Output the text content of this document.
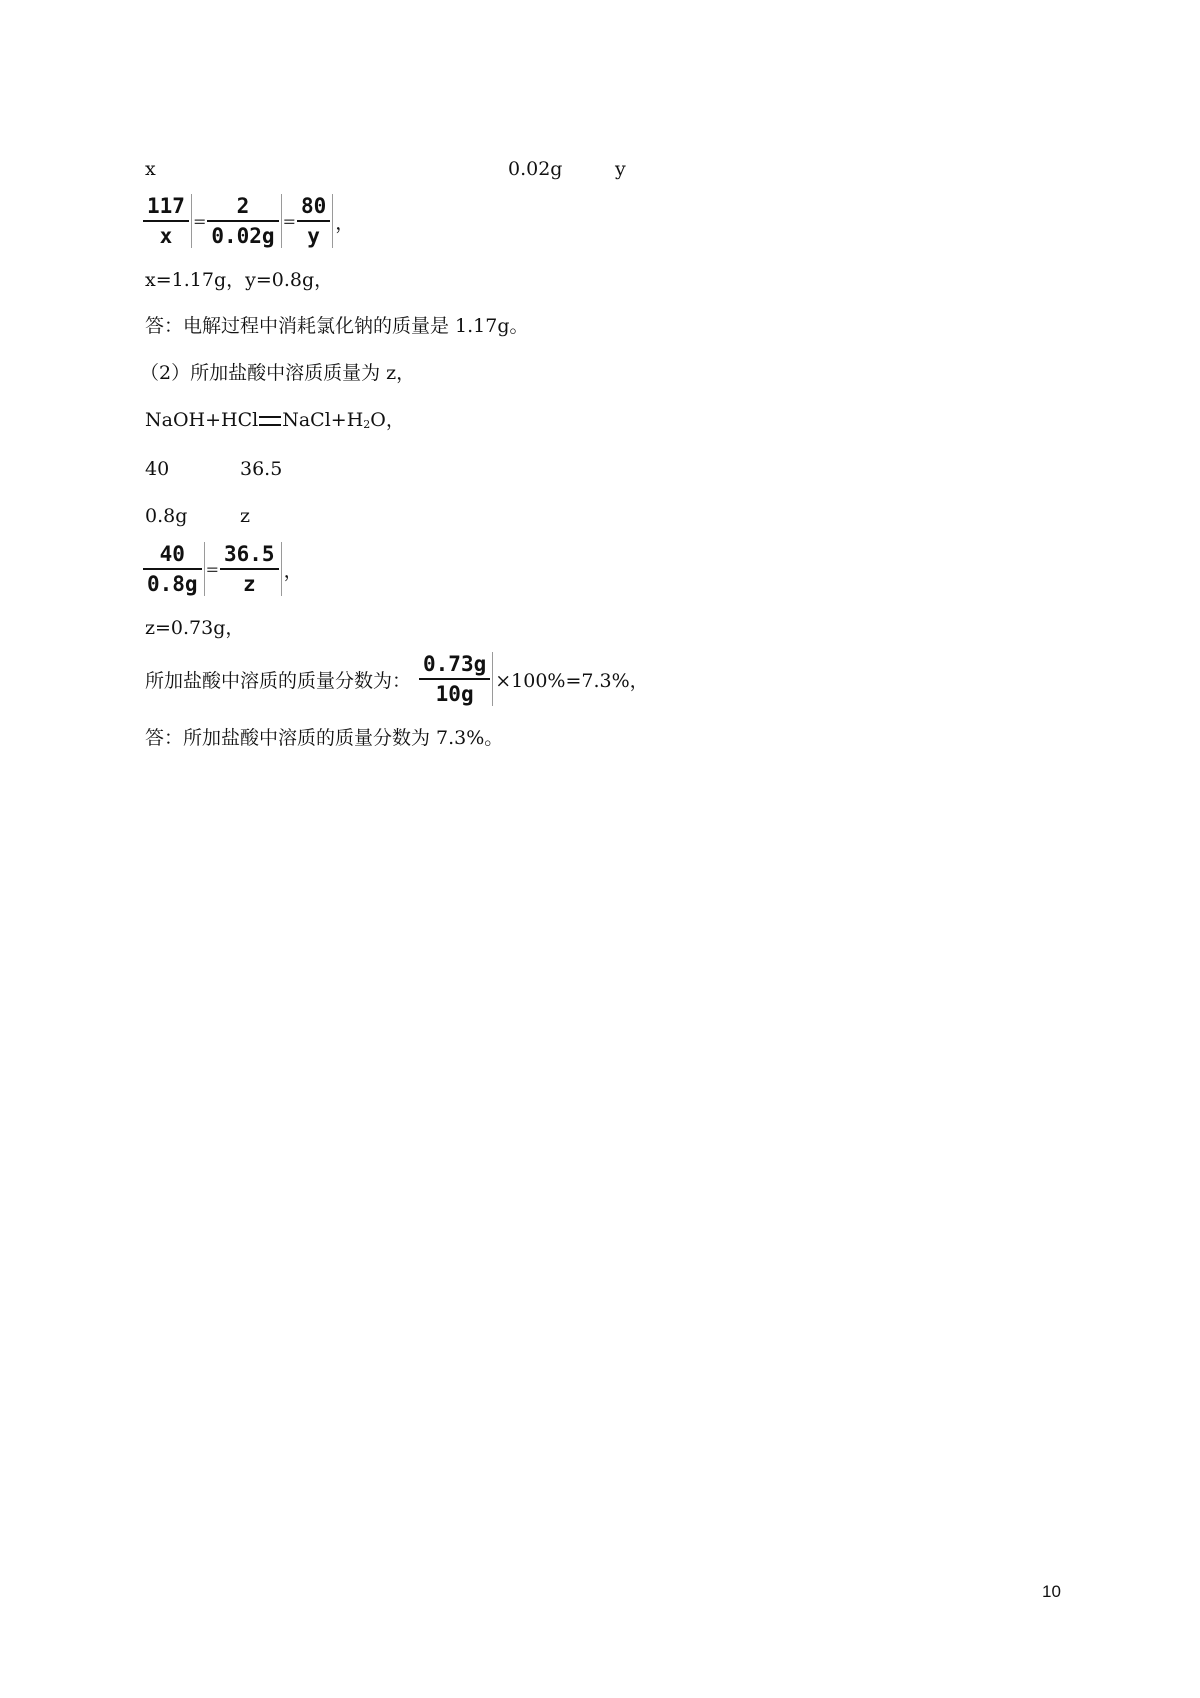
x	0.02g	y
$\frac{117}{x} = \frac{2}{0.02g} = \frac{80}{y}$ ，
x=1.17g，y=0.8g，
答：电解过程中消耗氯化钠的质量是 1.17g。
（2）所加盐酸中溶质质量为 z，
NaOH+HCl $NaCl+H_2O$，
40	36.5
0.8g	z
$\frac{40}{0.8g} = \frac{36.5}{z}$ ，
z=0.73g，
所加盐酸中溶质的质量分数为： $\frac{0.73g}{10g} \times 100\%=7.3\%$，
答：所加盐酸中溶质的质量分数为 7.3%。
10
